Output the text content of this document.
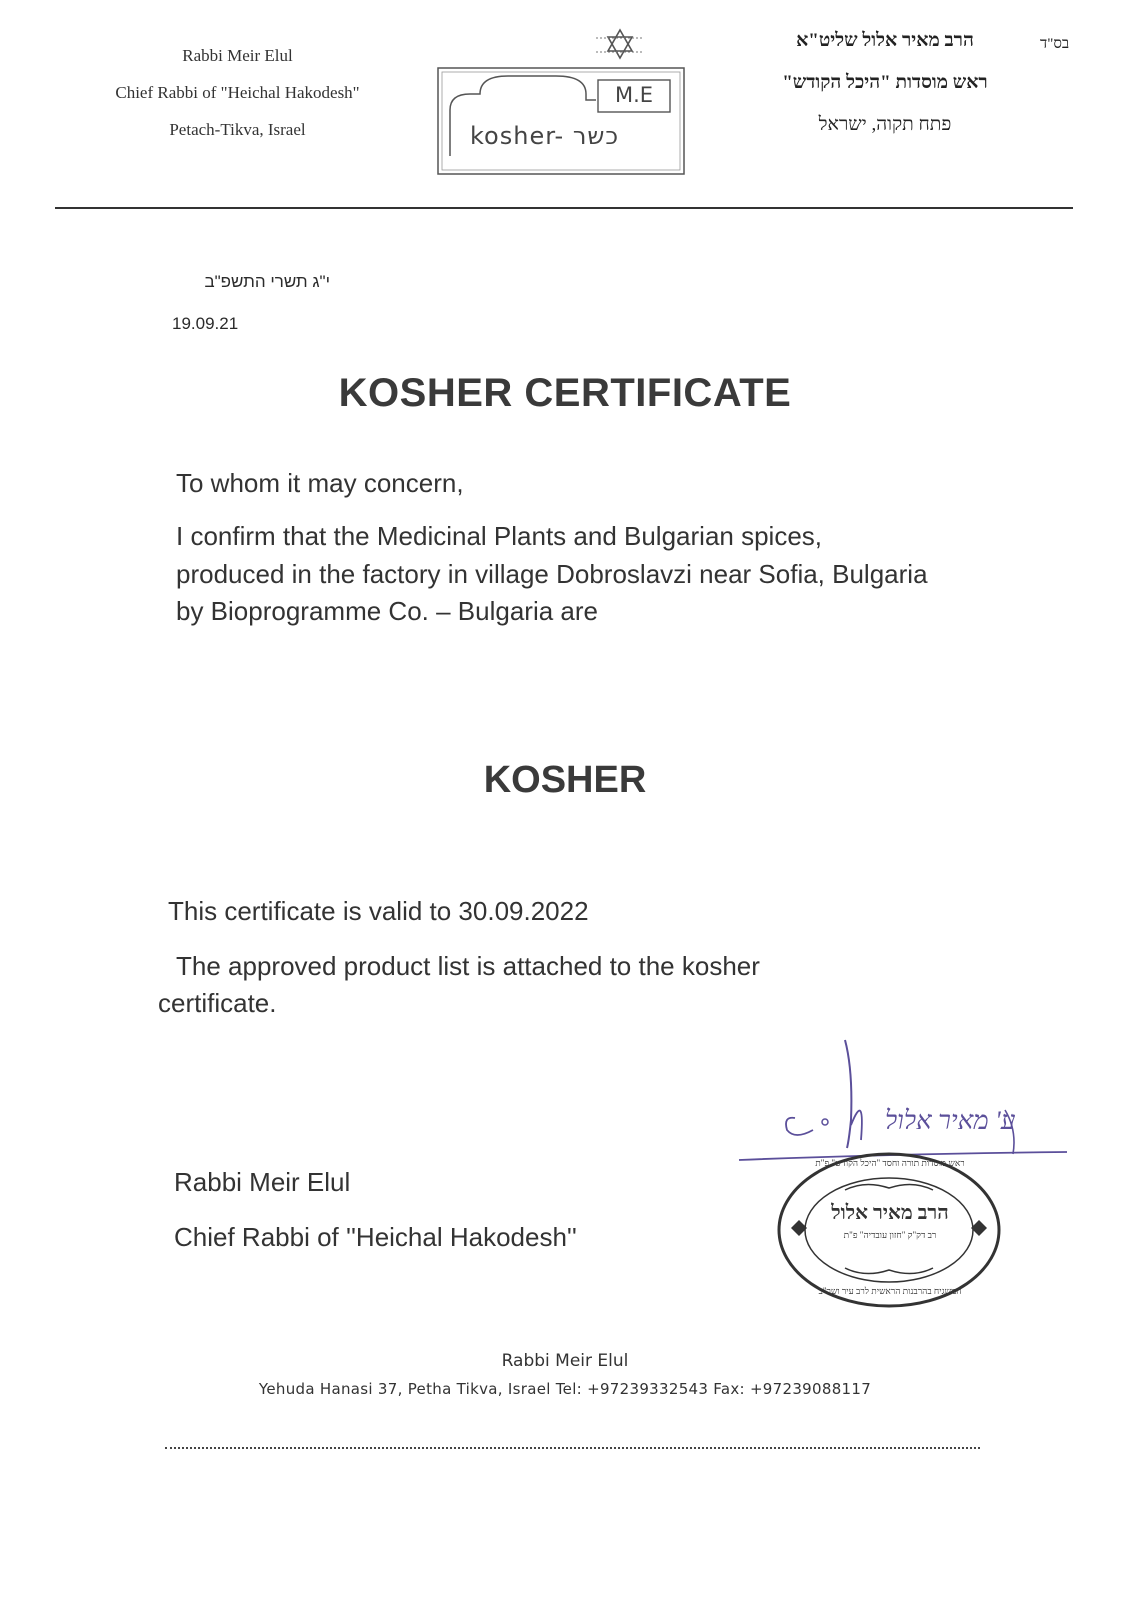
Rabbi Meir Elul
Chief Rabbi of "Heichal Hakodesh"
Petach-Tikva, Israel
M.E
kosher- כשר
בס"ד
הרב מאיר אלול שליט"א
ראש מוסדות "היכל הקודש"
פתח תקוה, ישראל
י"ג תשרי התשפ"ב
19.09.21
KOSHER CERTIFICATE
To whom it may concern,
I confirm that the Medicinal Plants and Bulgarian spices,
produced in the factory in village Dobroslavzi near Sofia, Bulgaria
by Bioprogramme Co. – Bulgaria are
KOSHER
This certificate is valid to 30.09.2022
The approved product list is attached to the kosher
certificate.
Rabbi Meir Elul
Chief Rabbi of ''Heichal Hakodesh''
ע' מאיר אלול
ראש מוסדות תורה וחסד "היכל הקודש" פ"ת
הרב מאיר אלול
רב דק"ק "חזון עובדיה" פ"ת
המשגיח בהרבנות הראשית לרב עיר ושר"ב
Rabbi Meir Elul
Yehuda Hanasi 37, Petha Tikva, Israel Tel: +97239332543 Fax: +97239088117
